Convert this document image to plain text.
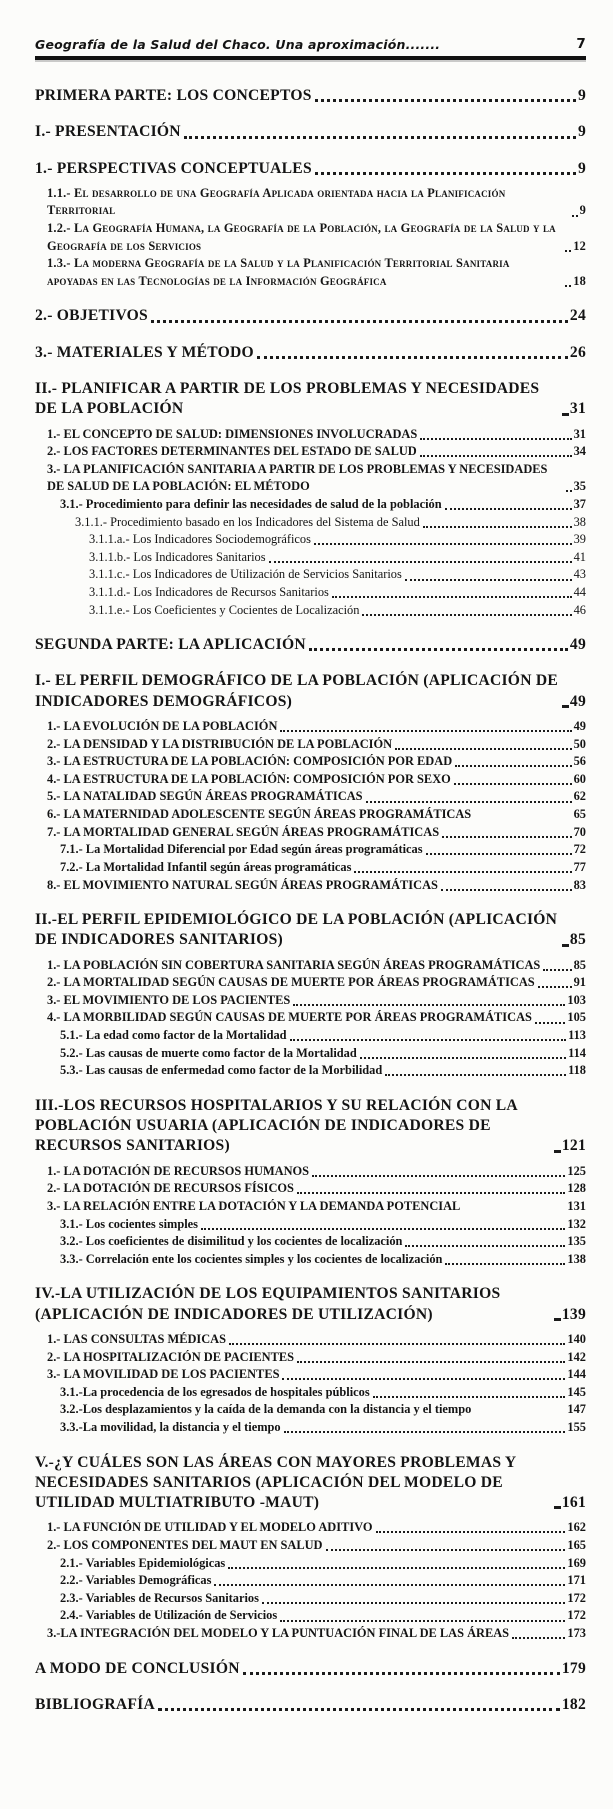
Geografía de la Salud del Chaco. Una aproximación.......	7
PRIMERA PARTE: LOS CONCEPTOS	9
I.- PRESENTACIÓN	9
1.- PERSPECTIVAS CONCEPTUALES	9
1.1.- El desarrollo de una Geografía Aplicada orientada hacia la Planificación Territorial	9
1.2.- La Geografía Humana, la Geografía de la Población, la Geografía de la Salud y la Geografía de los Servicios	12
1.3.- La moderna Geografía de la Salud y la Planificación Territorial Sanitaria apoyadas en las Tecnologías de la Información Geográfica	18
2.- OBJETIVOS	24
3.- MATERIALES Y MÉTODO	26
II.- PLANIFICAR A PARTIR DE LOS PROBLEMAS Y NECESIDADES DE LA POBLACIÓN	31
1.- EL CONCEPTO DE SALUD: DIMENSIONES INVOLUCRADAS	31
2.- LOS FACTORES DETERMINANTES DEL ESTADO DE SALUD	34
3.- LA PLANIFICACIÓN SANITARIA A PARTIR DE LOS PROBLEMAS Y NECESIDADES DE SALUD DE LA POBLACIÓN: EL MÉTODO	35
3.1.- Procedimiento para definir las necesidades de salud de la población	37
3.1.1.- Procedimiento basado en los Indicadores del Sistema de Salud	38
3.1.1.a.- Los Indicadores Sociodemográficos	39
3.1.1.b.- Los Indicadores Sanitarios	41
3.1.1.c.- Los Indicadores de Utilización de Servicios Sanitarios	43
3.1.1.d.- Los Indicadores de Recursos Sanitarios	44
3.1.1.e.- Los Coeficientes y Cocientes de Localización	46
SEGUNDA PARTE: LA APLICACIÓN	49
I.- EL PERFIL DEMOGRÁFICO DE LA POBLACIÓN (APLICACIÓN DE INDICADORES DEMOGRÁFICOS)	49
1.- LA EVOLUCIÓN DE LA POBLACIÓN	49
2.- LA DENSIDAD Y LA DISTRIBUCIÓN DE LA POBLACIÓN	50
3.- LA ESTRUCTURA DE LA POBLACIÓN: COMPOSICIÓN POR EDAD	56
4.- LA ESTRUCTURA DE LA POBLACIÓN: COMPOSICIÓN POR SEXO	60
5.- LA NATALIDAD SEGÚN ÁREAS PROGRAMÁTICAS	62
6.- LA MATERNIDAD ADOLESCENTE SEGÚN ÁREAS PROGRAMÁTICAS	65
7.- LA MORTALIDAD GENERAL SEGÚN ÁREAS PROGRAMÁTICAS	70
7.1.- La Mortalidad Diferencial por Edad según áreas programáticas	72
7.2.- La Mortalidad Infantil según áreas programáticas	77
8.- EL MOVIMIENTO NATURAL SEGÚN ÁREAS PROGRAMÁTICAS	83
II.-EL PERFIL EPIDEMIOLÓGICO DE LA POBLACIÓN (APLICACIÓN DE INDICADORES SANITARIOS)	85
1.- LA POBLACIÓN SIN COBERTURA SANITARIA SEGÚN ÁREAS PROGRAMÁTICAS	85
2.- LA MORTALIDAD SEGÚN CAUSAS DE MUERTE POR ÁREAS PROGRAMÁTICAS	91
3.- EL MOVIMIENTO DE LOS PACIENTES	103
4.- LA MORBILIDAD SEGÚN CAUSAS DE MUERTE POR ÁREAS PROGRAMÁTICAS	105
5.1.- La edad como factor de la Mortalidad	113
5.2.- Las causas de muerte como factor de la Mortalidad	114
5.3.- Las causas de enfermedad como factor de la Morbilidad	118
III.-LOS RECURSOS HOSPITALARIOS Y SU RELACIÓN CON LA POBLACIÓN USUARIA (APLICACIÓN DE INDICADORES DE RECURSOS SANITARIOS)	121
1.- LA DOTACIÓN DE RECURSOS HUMANOS	125
2.- LA DOTACIÓN DE RECURSOS FÍSICOS	128
3.- LA RELACIÓN ENTRE LA DOTACIÓN Y LA DEMANDA POTENCIAL	131
3.1.- Los cocientes simples	132
3.2.- Los coeficientes de disimilitud y los cocientes de localización	135
3.3.- Correlación ente los cocientes simples y los cocientes de localización	138
IV.-LA UTILIZACIÓN DE LOS EQUIPAMIENTOS SANITARIOS (APLICACIÓN DE INDICADORES DE UTILIZACIÓN)	139
1.- LAS CONSULTAS MÉDICAS	140
2.- LA HOSPITALIZACIÓN DE PACIENTES	142
3.- LA MOVILIDAD DE LOS PACIENTES	144
3.1.-La procedencia de los egresados de hospitales públicos	145
3.2.-Los desplazamientos y la caída de la demanda con la distancia y el tiempo	147
3.3.-La movilidad, la distancia y el tiempo	155
V.-¿Y CUÁLES SON LAS ÁREAS CON MAYORES PROBLEMAS Y NECESIDADES SANITARIOS (APLICACIÓN DEL MODELO DE UTILIDAD MULTIATRIBUTO -MAUT)	161
1.- LA FUNCIÓN DE UTILIDAD Y EL MODELO ADITIVO	162
2.- LOS COMPONENTES DEL MAUT EN SALUD	165
2.1.- Variables Epidemiológicas	169
2.2.- Variables Demográficas	171
2.3.- Variables de Recursos Sanitarios	172
2.4.- Variables de Utilización de Servicios	172
3.-LA INTEGRACIÓN DEL MODELO Y LA PUNTUACIÓN FINAL DE LAS ÁREAS	173
A MODO DE CONCLUSIÓN	179
BIBLIOGRAFÍA	182
